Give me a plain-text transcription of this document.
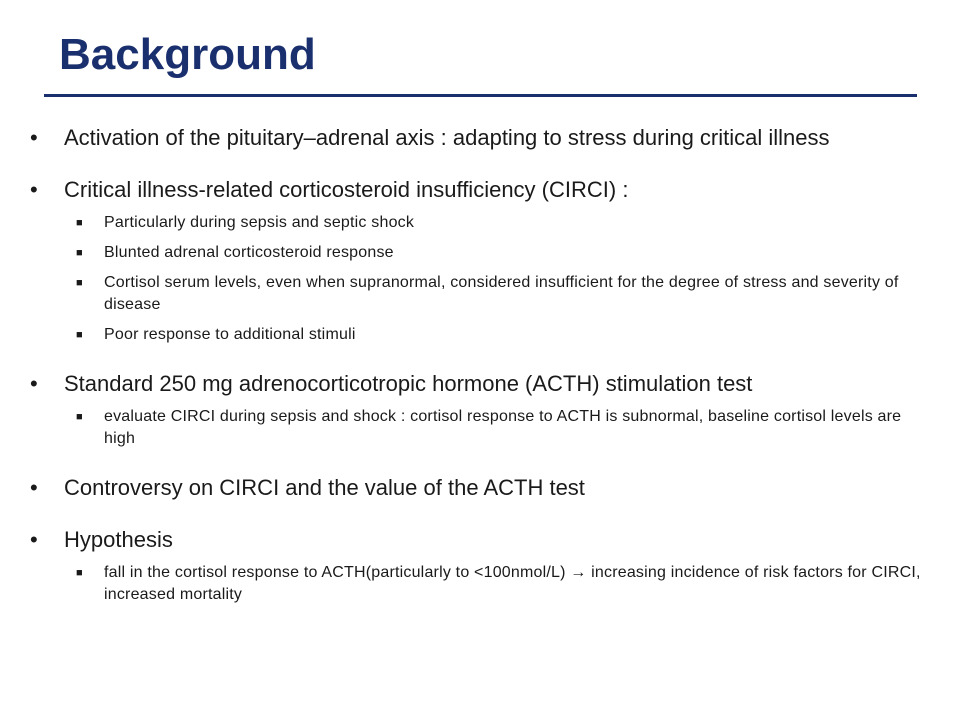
Background
• Activation of the pituitary–adrenal axis : adapting to stress during critical illness
• Critical illness-related corticosteroid insufficiency (CIRCI) :
■ Particularly during sepsis and septic shock
■ Blunted adrenal corticosteroid response
■ Cortisol serum levels, even when supranormal, considered insufficient for the degree of stress and severity of disease
■ Poor response to additional stimuli
• Standard 250 mg adrenocorticotropic hormone (ACTH) stimulation test
■ evaluate CIRCI during sepsis and shock : cortisol response to ACTH is subnormal, baseline cortisol levels are high
• Controversy on CIRCI and the value of the ACTH test
• Hypothesis
■ fall in the cortisol response to ACTH(particularly to <100nmol/L) → increasing incidence of risk factors for CIRCI, increased mortality
